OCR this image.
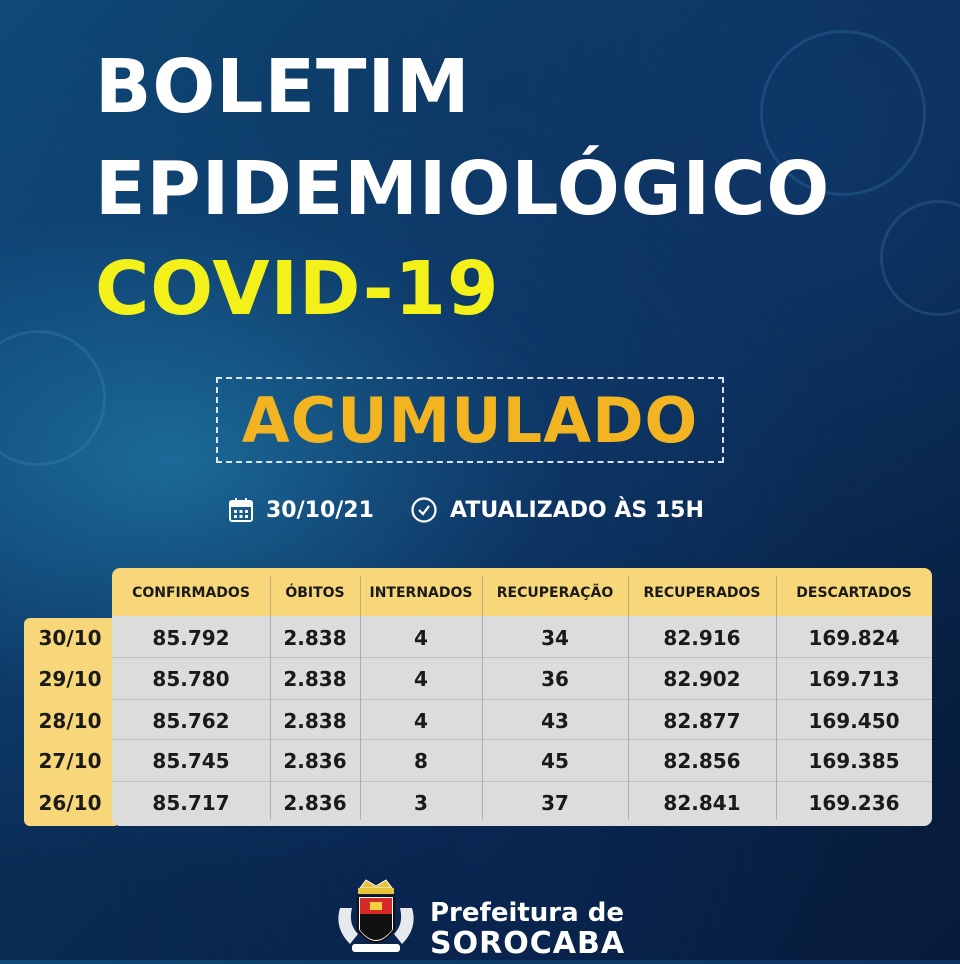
BOLETIM
EPIDEMIOLÓGICO
COVID-19
ACUMULADO
30/10/21	ATUALIZADO ÀS 15H
CONFIRMADOS	ÓBITOS	INTERNADOS	RECUPERAÇÃO	RECUPERADOS	DESCARTADOS
30/10	85.792	2.838	4	34	82.916	169.824
29/10	85.780	2.838	4	36	82.902	169.713
28/10	85.762	2.838	4	43	82.877	169.450
27/10	85.745	2.836	8	45	82.856	169.385
26/10	85.717	2.836	3	37	82.841	169.236
Prefeitura de
SOROCABA
